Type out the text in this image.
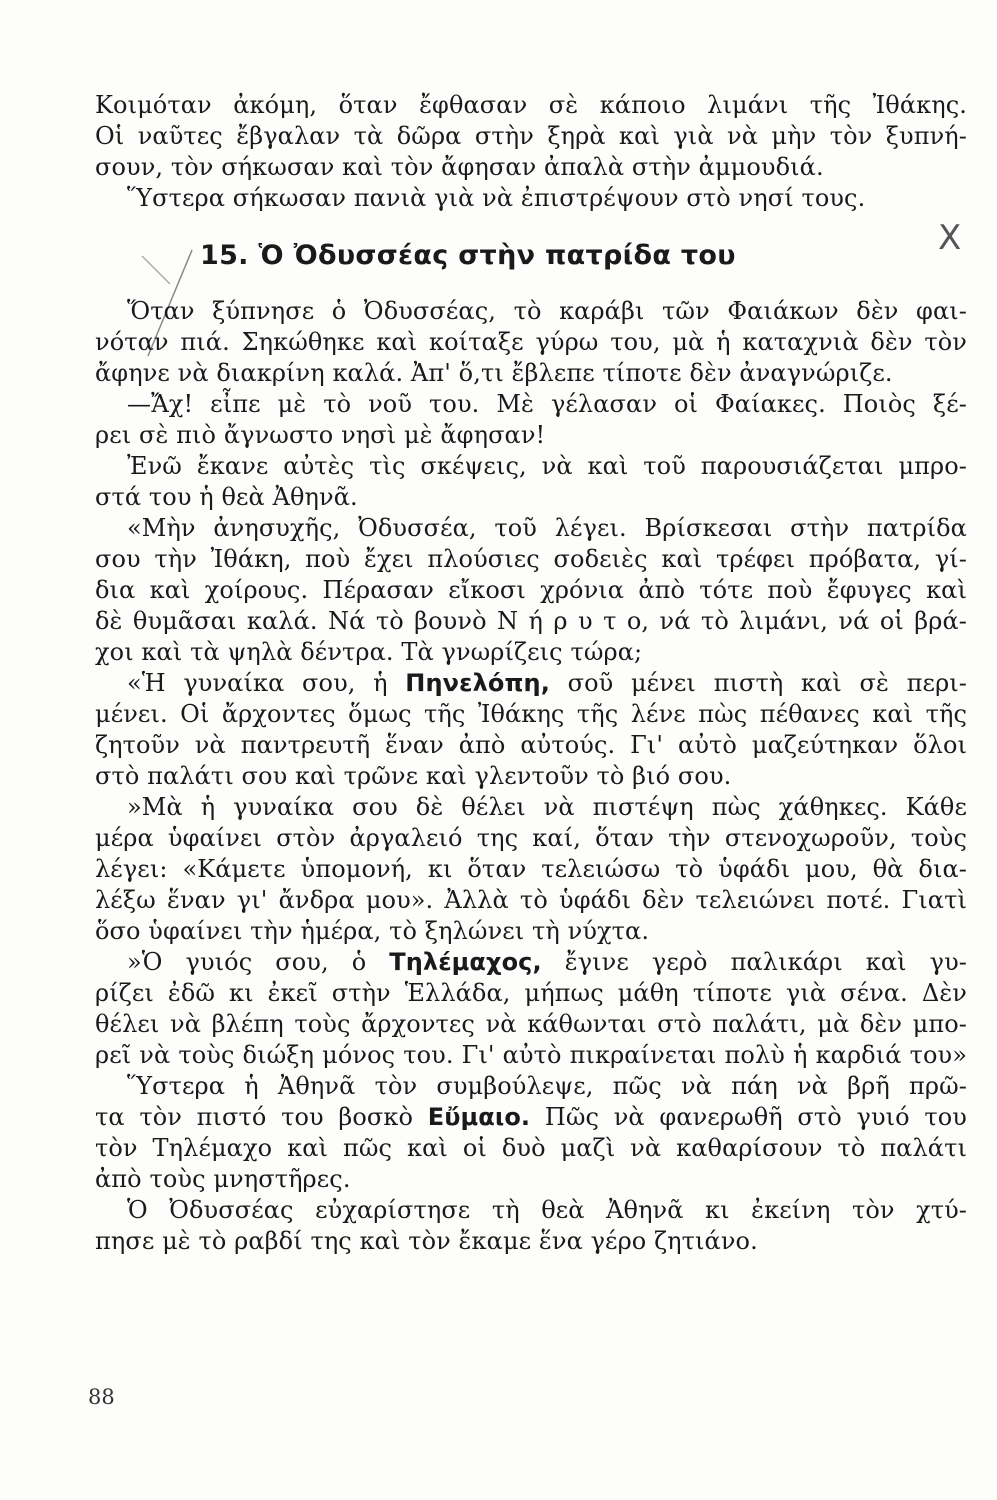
X
Κοιμόταν ἀκόμη, ὅταν ἔφθασαν σὲ κάποιο λιμάνι τῆς Ἰθάκης.
Οἱ ναῦτες ἔβγαλαν τὰ δῶρα στὴν ξηρὰ καὶ γιὰ νὰ μὴν τὸν ξυπνή-
σουν, τὸν σήκωσαν καὶ τὸν ἄφησαν ἀπαλὰ στὴν ἀμμουδιά.
Ὕστερα σήκωσαν πανιὰ γιὰ νὰ ἐπιστρέψουν στὸ νησί τους.
15. Ὁ Ὀδυσσέας στὴν πατρίδα του
Ὅταν ξύπνησε ὁ Ὀδυσσέας, τὸ καράβι τῶν Φαιάκων δὲν φαι-
νόταν πιά. Σηκώθηκε καὶ κοίταξε γύρω του, μὰ ἡ καταχνιὰ δὲν τὸν
ἄφηνε νὰ διακρίνη καλά. Ἀπ' ὅ,τι ἔβλεπε τίποτε δὲν ἀναγνώριζε.
—Ἄχ! εἶπε μὲ τὸ νοῦ του. Μὲ γέλασαν οἱ Φαίακες. Ποιὸς ξέ-
ρει σὲ πιὸ ἄγνωστο νησὶ μὲ ἄφησαν!
Ἐνῶ ἔκανε αὐτὲς τὶς σκέψεις, νὰ καὶ τοῦ παρουσιάζεται μπρο-
στά του ἡ θεὰ Ἀθηνᾶ.
«Μὴν ἀνησυχῆς, Ὀδυσσέα, τοῦ λέγει. Βρίσκεσαι στὴν πατρίδα
σου τὴν Ἰθάκη, ποὺ ἔχει πλούσιες σοδειὲς καὶ τρέφει πρόβατα, γί-
δια καὶ χοίρους. Πέρασαν εἴκοσι χρόνια ἀπὸ τότε ποὺ ἔφυγες καὶ
δὲ θυμᾶσαι καλά. Νά τὸ βουνὸ Ν ή ρ υ τ ο, νά τὸ λιμάνι, νά οἱ βρά-
χοι καὶ τὰ ψηλὰ δέντρα. Τὰ γνωρίζεις τώρα;
«Ἡ γυναίκα σου, ἡ Πηνελόπη, σοῦ μένει πιστὴ καὶ σὲ περι-
μένει. Οἱ ἄρχοντες ὅμως τῆς Ἰθάκης τῆς λένε πὼς πέθανες καὶ τῆς
ζητοῦν νὰ παντρευτῆ ἕναν ἀπὸ αὐτούς. Γι' αὐτὸ μαζεύτηκαν ὅλοι
στὸ παλάτι σου καὶ τρῶνε καὶ γλεντοῦν τὸ βιό σου.
»Μὰ ἡ γυναίκα σου δὲ θέλει νὰ πιστέψη πὼς χάθηκες. Κάθε
μέρα ὑφαίνει στὸν ἀργαλειό της καί, ὅταν τὴν στενοχωροῦν, τοὺς
λέγει: «Κάμετε ὑπομονή, κι ὅταν τελειώσω τὸ ὑφάδι μου, θὰ δια-
λέξω ἕναν γι' ἄνδρα μου». Ἀλλὰ τὸ ὑφάδι δὲν τελειώνει ποτέ. Γιατὶ
ὅσο ὑφαίνει τὴν ἡμέρα, τὸ ξηλώνει τὴ νύχτα.
»Ὁ γυιός σου, ὁ Τηλέμαχος, ἔγινε γερὸ παλικάρι καὶ γυ-
ρίζει ἐδῶ κι ἐκεῖ στὴν Ἑλλάδα, μήπως μάθη τίποτε γιὰ σένα. Δὲν
θέλει νὰ βλέπη τοὺς ἄρχοντες νὰ κάθωνται στὸ παλάτι, μὰ δὲν μπο-
ρεῖ νὰ τοὺς διώξη μόνος του. Γι' αὐτὸ πικραίνεται πολὺ ἡ καρδιά του»
Ὕστερα ἡ Ἀθηνᾶ τὸν συμβούλεψε, πῶς νὰ πάη νὰ βρῆ πρῶ-
τα τὸν πιστό του βοσκὸ Εὔμαιο. Πῶς νὰ φανερωθῆ στὸ γυιό του
τὸν Τηλέμαχο καὶ πῶς καὶ οἱ δυὸ μαζὶ νὰ καθαρίσουν τὸ παλάτι
ἀπὸ τοὺς μνηστῆρες.
Ὁ Ὀδυσσέας εὐχαρίστησε τὴ θεὰ Ἀθηνᾶ κι ἐκείνη τὸν χτύ-
πησε μὲ τὸ ραβδί της καὶ τὸν ἔκαμε ἕνα γέρο ζητιάνο.
88
